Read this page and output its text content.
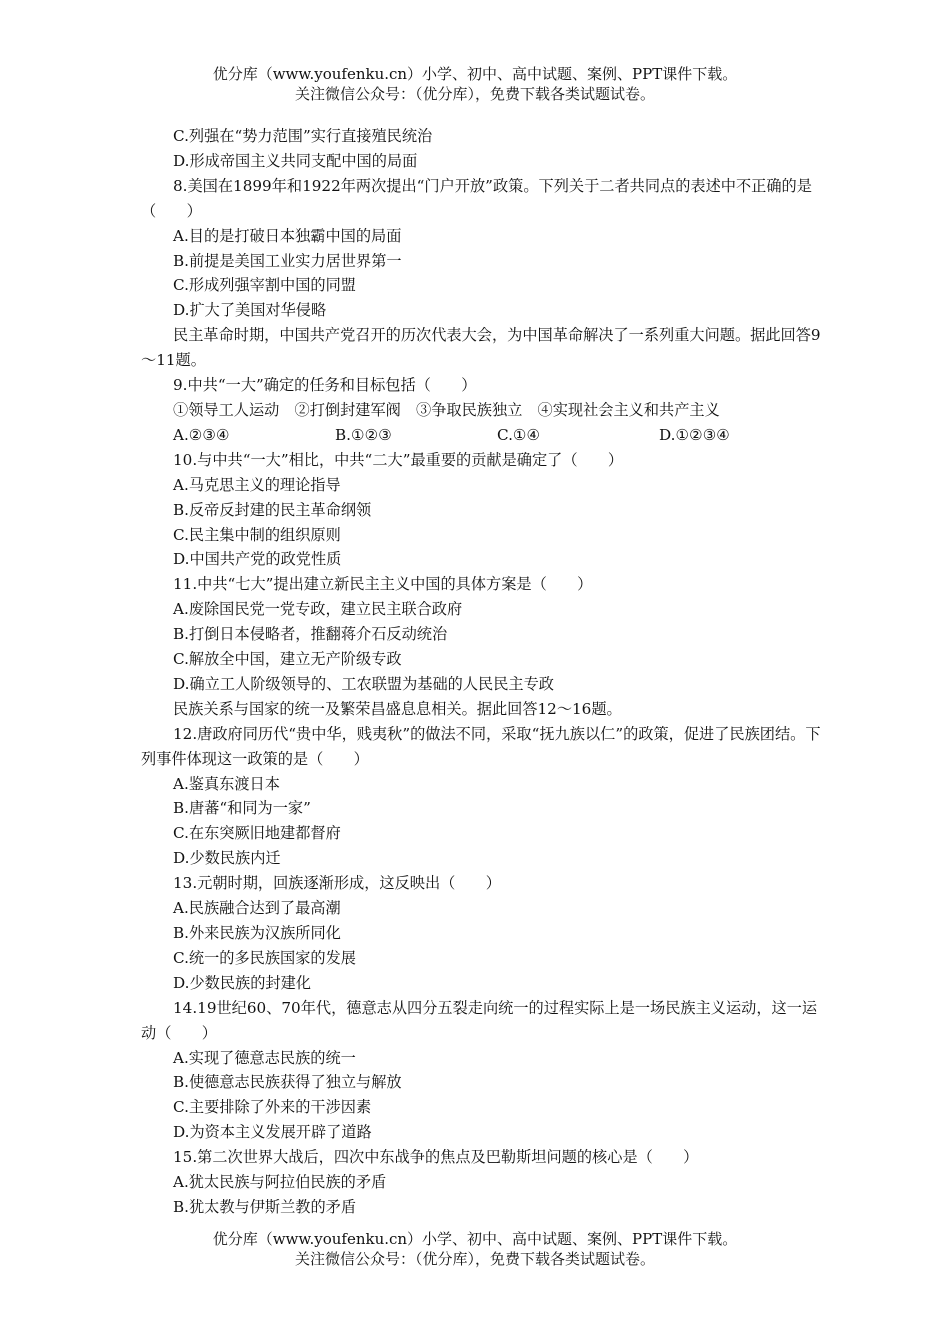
优分库（www.youfenku.cn）小学、初中、高中试题、案例、PPT课件下载。
关注微信公众号：（优分库），免费下载各类试题试卷。
C.列强在“势力范围”实行直接殖民统治
D.形成帝国主义共同支配中国的局面
8.美国在1899年和1922年两次提出“门户开放”政策。下列关于二者共同点的表述中不正确的是（　　）
A.目的是打破日本独霸中国的局面
B.前提是美国工业实力居世界第一
C.形成列强宰割中国的同盟
D.扩大了美国对华侵略
民主革命时期，中国共产党召开的历次代表大会，为中国革命解决了一系列重大问题。据此回答9～11题。
9.中共“一大”确定的任务和目标包括（　　）
①领导工人运动　②打倒封建军阀　③争取民族独立　④实现社会主义和共产主义
A.②③④	B.①②③	C.①④	D.①②③④
10.与中共“一大”相比，中共“二大”最重要的贡献是确定了（　　）
A.马克思主义的理论指导
B.反帝反封建的民主革命纲领
C.民主集中制的组织原则
D.中国共产党的政党性质
11.中共“七大”提出建立新民主主义中国的具体方案是（　　）
A.废除国民党一党专政，建立民主联合政府
B.打倒日本侵略者，推翻蒋介石反动统治
C.解放全中国，建立无产阶级专政
D.确立工人阶级领导的、工农联盟为基础的人民民主专政
民族关系与国家的统一及繁荣昌盛息息相关。据此回答12～16题。
12.唐政府同历代“贵中华，贱夷秋”的做法不同，采取“抚九族以仁”的政策，促进了民族团结。下列事件体现这一政策的是（　　）
A.鉴真东渡日本
B.唐蕃“和同为一家”
C.在东突厥旧地建都督府
D.少数民族内迁
13.元朝时期，回族逐渐形成，这反映出（　　）
A.民族融合达到了最高潮
B.外来民族为汉族所同化
C.统一的多民族国家的发展
D.少数民族的封建化
14.19世纪60、70年代，德意志从四分五裂走向统一的过程实际上是一场民族主义运动，这一运动（　　）
A.实现了德意志民族的统一
B.使德意志民族获得了独立与解放
C.主要排除了外来的干涉因素
D.为资本主义发展开辟了道路
15.第二次世界大战后，四次中东战争的焦点及巴勒斯坦问题的核心是（　　）
A.犹太民族与阿拉伯民族的矛盾
B.犹太教与伊斯兰教的矛盾
优分库（www.youfenku.cn）小学、初中、高中试题、案例、PPT课件下载。
关注微信公众号：（优分库），免费下载各类试题试卷。
